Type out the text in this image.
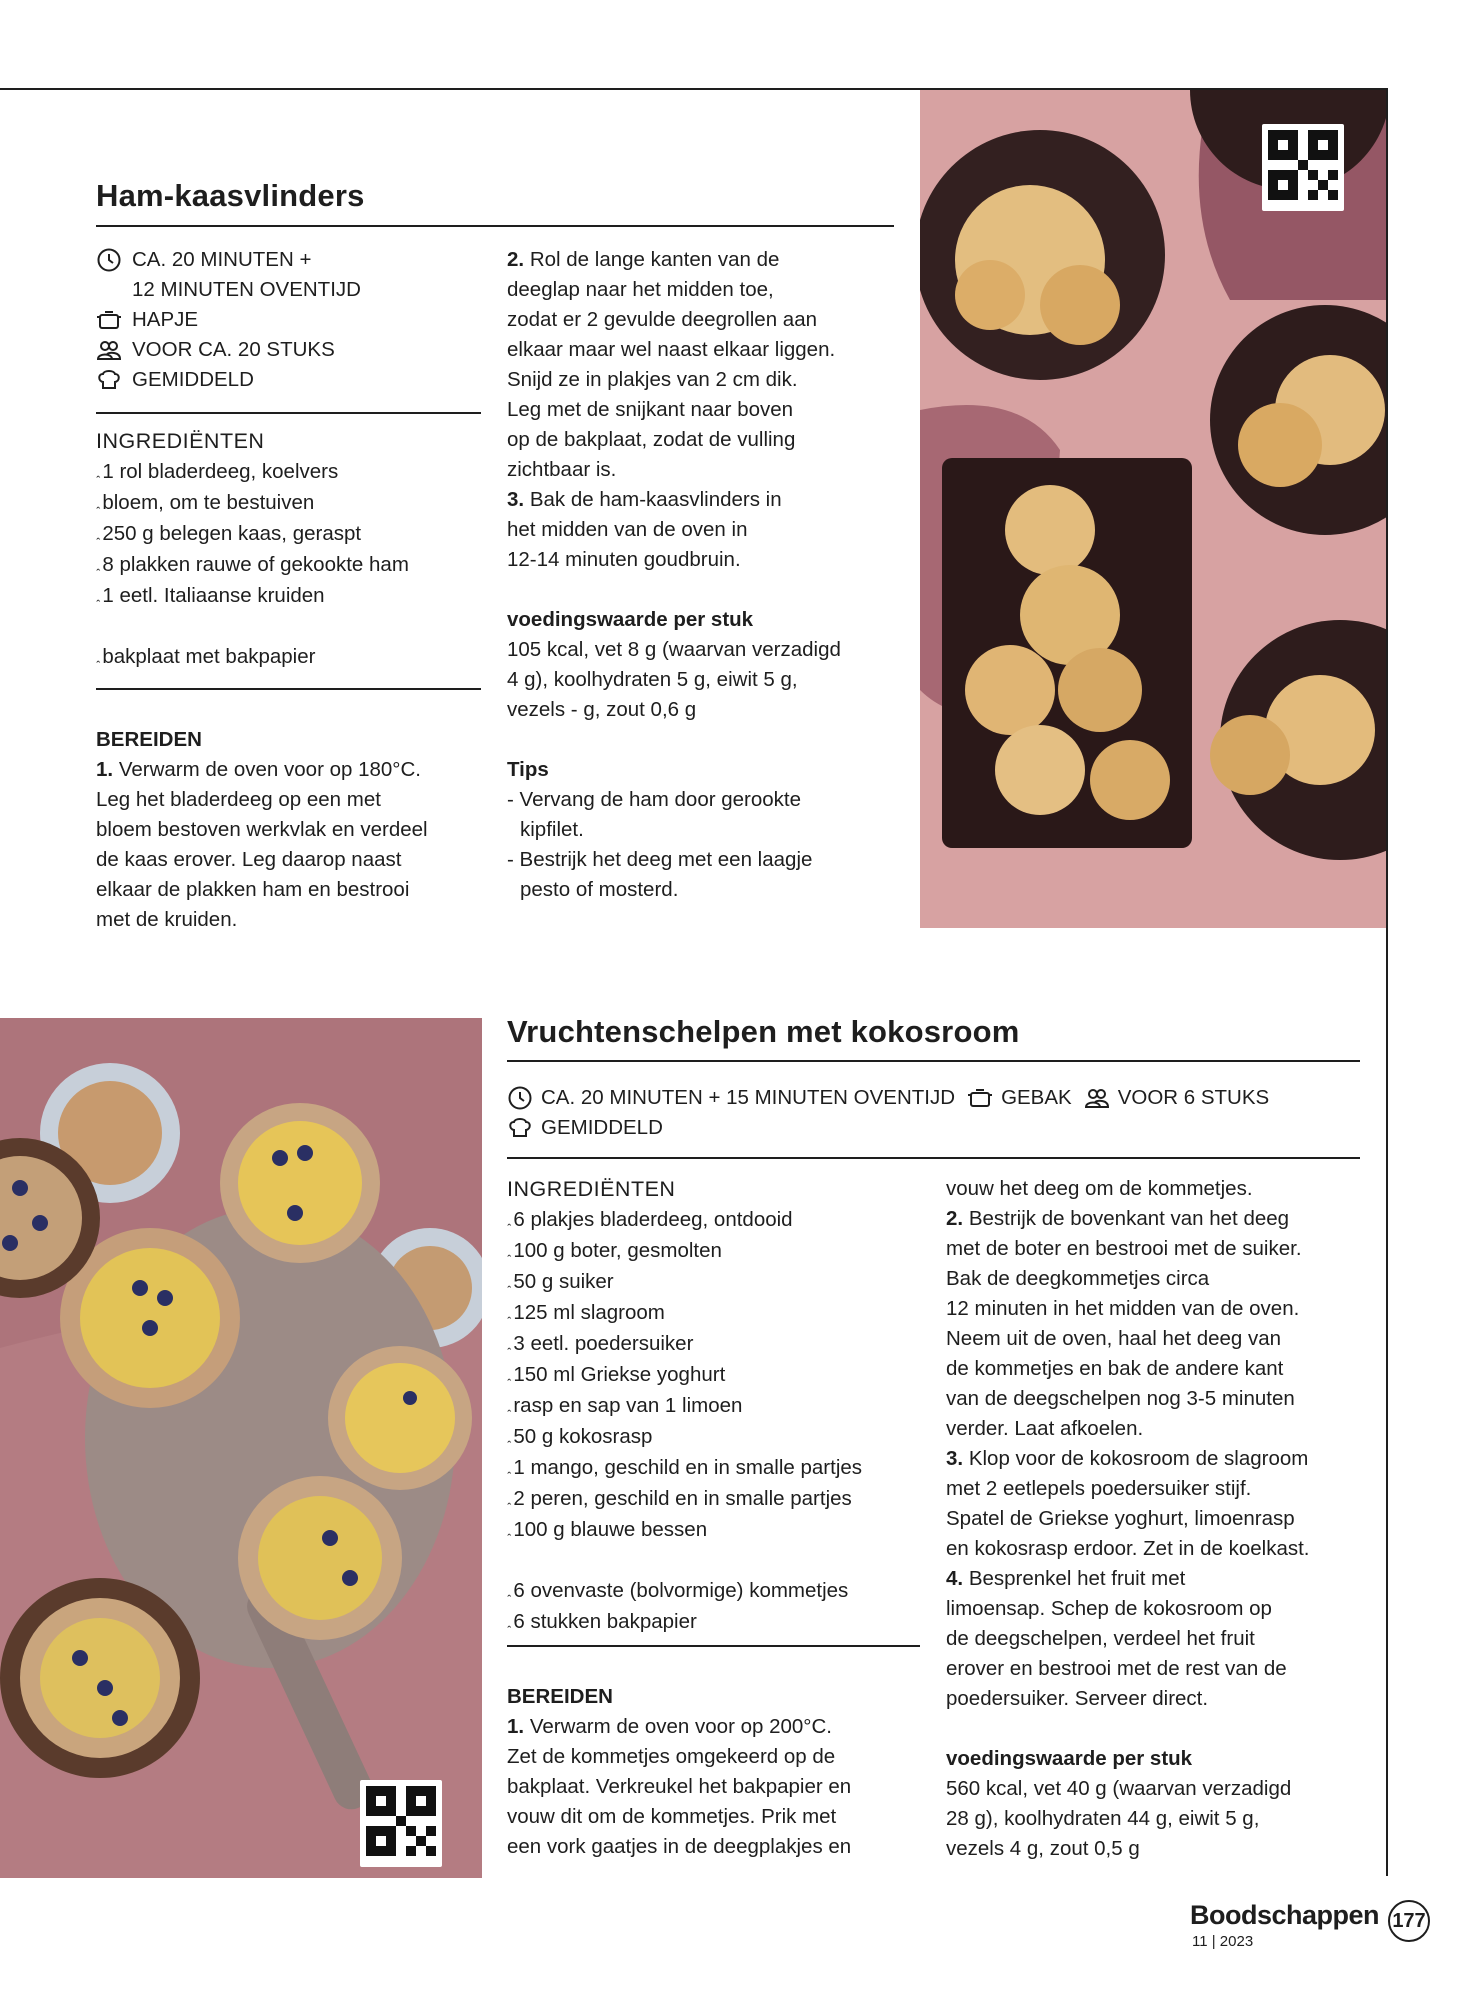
Ham-kaasvlinders
CA. 20 MINUTEN +
12 MINUTEN OVENTIJD
HAPJE
VOOR CA. 20 STUKS
GEMIDDELD

INGREDIËNTEN

ꞈ1 rol bladerdeeg, koelvers
ꞈbloem, om te bestuiven
ꞈ250 g belegen kaas, geraspt
ꞈ8 plakken rauwe of gekookte ham
ꞈ1 eetl. Italiaanse kruiden
ꞈbakplaat met bakpapier

BEREIDEN

1. Verwarm de oven voor op 180°C.

Leg het bladerdeeg op een met

bloem bestoven werkvlak en verdeel

de kaas erover. Leg daarop naast

elkaar de plakken ham en bestrooi

met de kruiden.

2. Rol de lange kanten van de

deeglap naar het midden toe,

zodat er 2 gevulde deegrollen aan

elkaar maar wel naast elkaar liggen.

Snijd ze in plakjes van 2 cm dik.

Leg met de snijkant naar boven

op de bakplaat, zodat de vulling

zichtbaar is.

3. Bak de ham-kaasvlinders in

het midden van de oven in

12-14 minuten goudbruin.

voedingswaarde per stuk

105 kcal, vet 8 g (waarvan verzadigd

4 g), koolhydraten 5 g, eiwit 5 g,

vezels - g, zout 0,6 g

Tips

- Vervang de ham door gerookte

kipfilet.

- Bestrijk het deeg met een laagje

pesto of mosterd.

Vruchtenschelpen met kokosroom
CA. 20 MINUTEN + 15 MINUTEN OVENTIJD GEBAK VOOR 6 STUKS
GEMIDDELD

INGREDIËNTEN

ꞈ6 plakjes bladerdeeg, ontdooid
ꞈ100 g boter, gesmolten
ꞈ50 g suiker
ꞈ125 ml slagroom
ꞈ3 eetl. poedersuiker
ꞈ150 ml Griekse yoghurt
ꞈrasp en sap van 1 limoen
ꞈ50 g kokosrasp
ꞈ1 mango, geschild en in smalle partjes
ꞈ2 peren, geschild en in smalle partjes
ꞈ100 g blauwe bessen
ꞈ6 ovenvaste (bolvormige) kommetjes
ꞈ6 stukken bakpapier

BEREIDEN

1. Verwarm de oven voor op 200°C.

Zet de kommetjes omgekeerd op de

bakplaat. Verkreukel het bakpapier en

vouw dit om de kommetjes. Prik met

een vork gaatjes in de deegplakjes en

vouw het deeg om de kommetjes.

2. Bestrijk de bovenkant van het deeg

met de boter en bestrooi met de suiker.

Bak de deegkommetjes circa

12 minuten in het midden van de oven.

Neem uit de oven, haal het deeg van

de kommetjes en bak de andere kant

van de deegschelpen nog 3-5 minuten

verder. Laat afkoelen.

3. Klop voor de kokosroom de slagroom

met 2 eetlepels poedersuiker stijf.

Spatel de Griekse yoghurt, limoenrasp

en kokosrasp erdoor. Zet in de koelkast.

4. Besprenkel het fruit met

limoensap. Schep de kokosroom op

de deegschelpen, verdeel het fruit

erover en bestrooi met de rest van de

poedersuiker. Serveer direct.

voedingswaarde per stuk

560 kcal, vet 40 g (waarvan verzadigd

28 g), koolhydraten 44 g, eiwit 5 g,

vezels 4 g, zout 0,5 g

Boodschappen
11 | 2023
177
